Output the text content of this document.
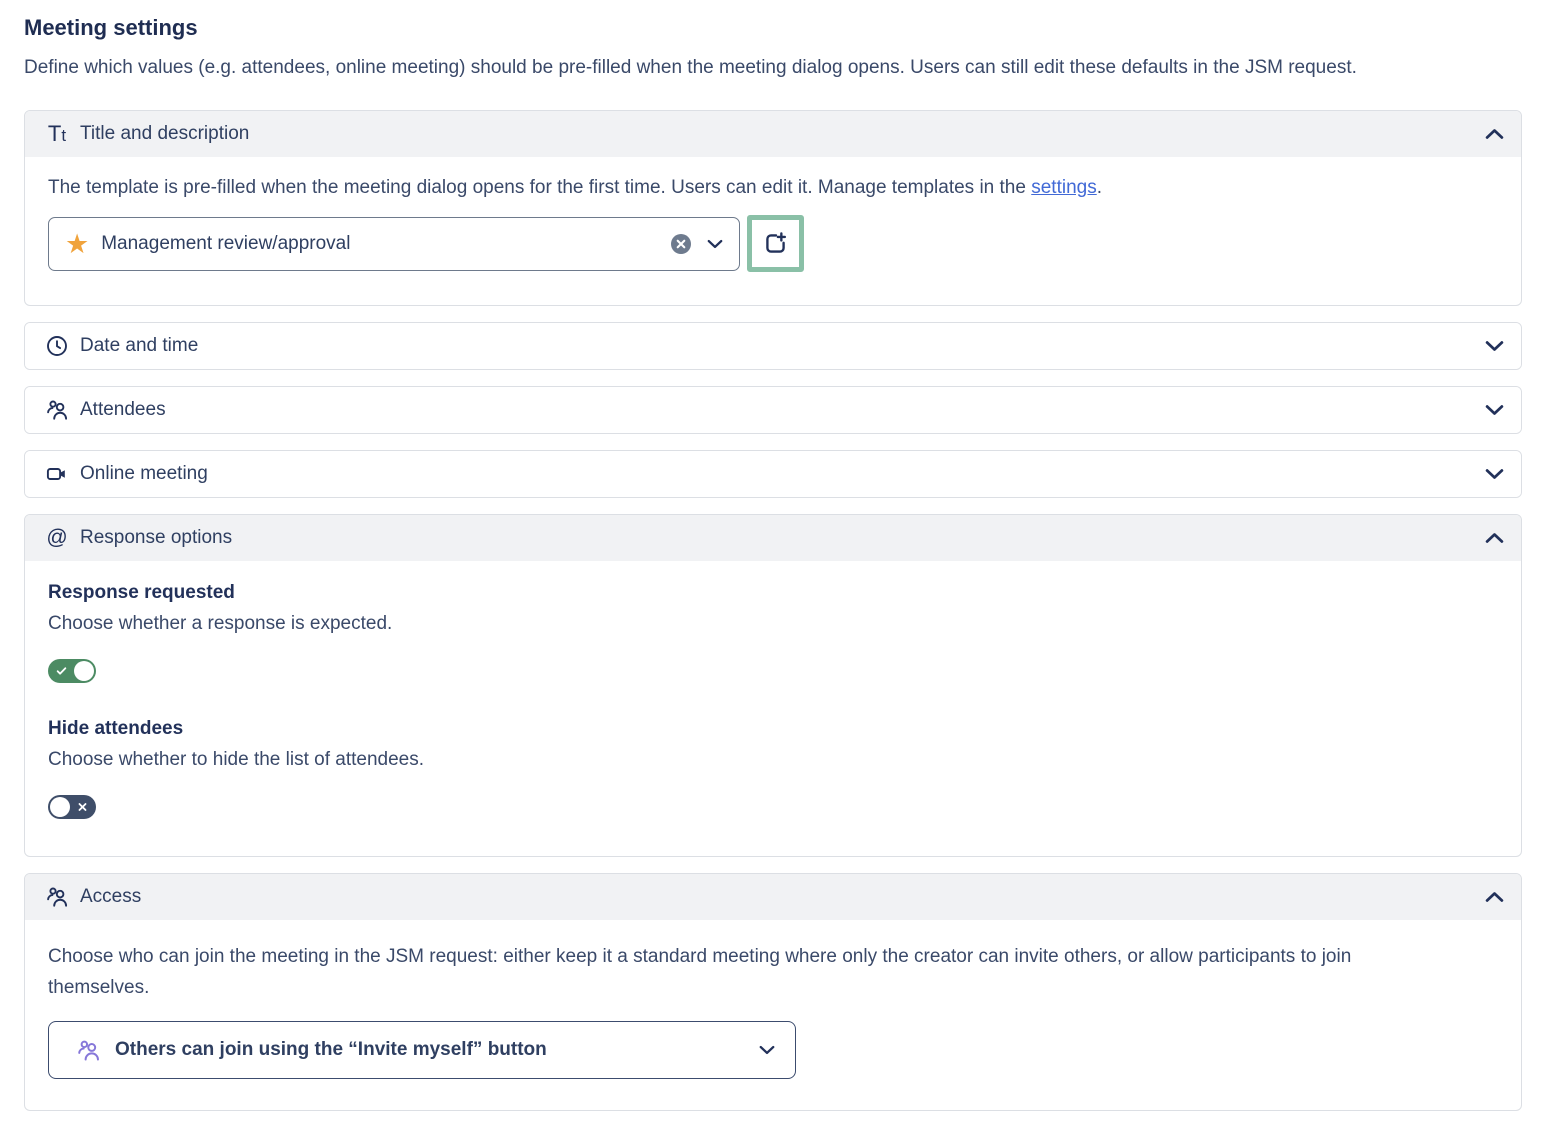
Meeting settings

Define which values (e.g. attendees, online meeting) should be pre-filled when the meeting dialog opens. Users can still edit these defaults in the JSM request.

T t Title and description

The template is pre-filled when the meeting dialog opens for the first time. Users can edit it. Manage templates in the settings.

★ Management review/approval
Date and time
Attendees
Online meeting
@ Response options
Response requested

Choose whether a response is expected.

Hide attendees

Choose whether to hide the list of attendees.

Access

Choose who can join the meeting in the JSM request: either keep it a standard meeting where only the creator can invite others, or allow participants to join themselves.

Others can join using the “Invite myself” button
